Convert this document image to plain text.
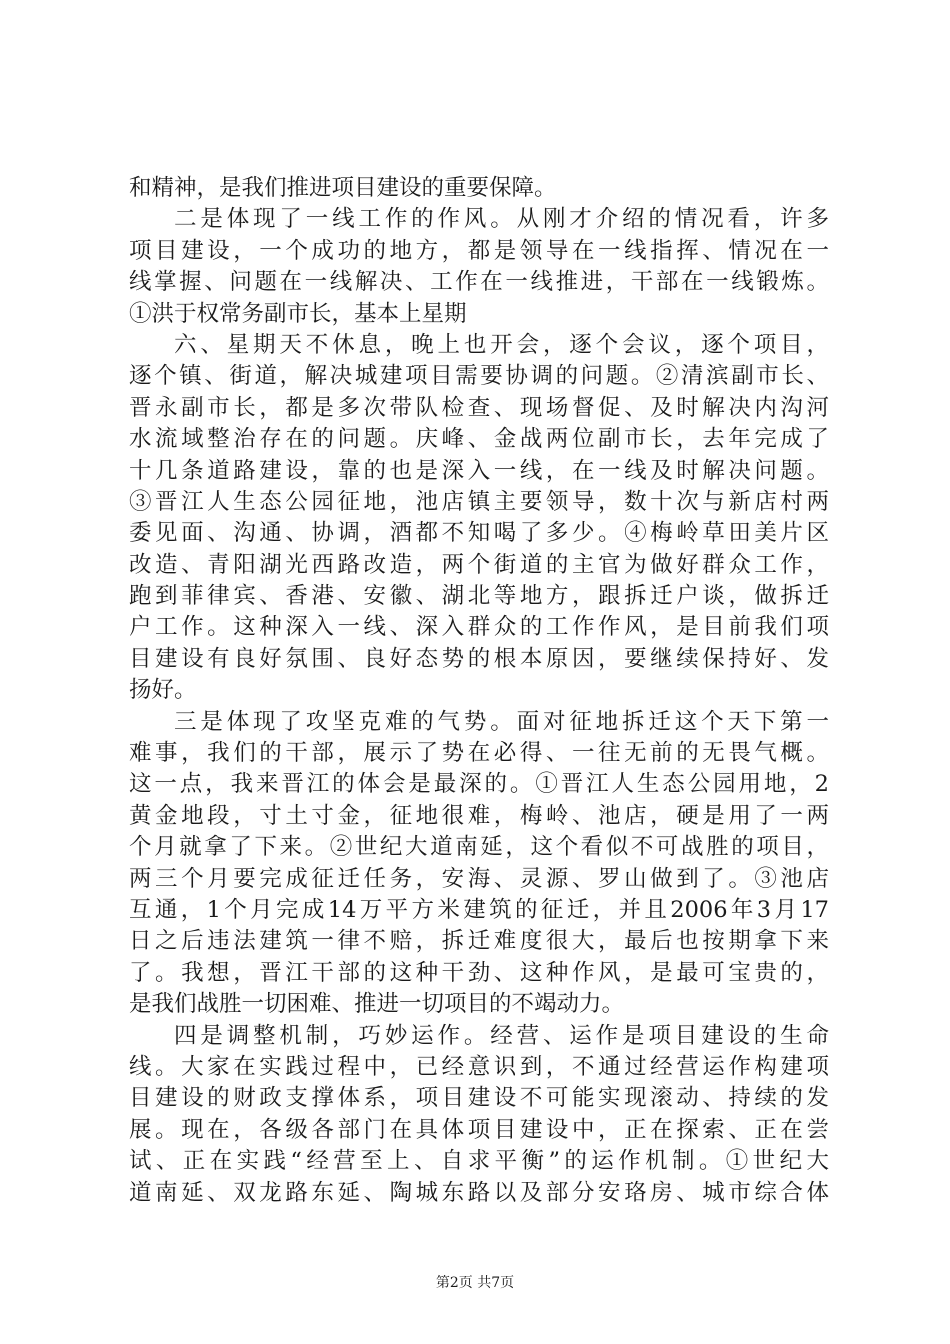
和精神，是我们推进项目建设的重要保障。
二是体现了一线工作的作风。从刚才介绍的情况看，许多
项目建设，一个成功的地方，都是领导在一线指挥、情况在一
线掌握、问题在一线解决、工作在一线推进，干部在一线锻炼。
①洪于权常务副市长，基本上星期
六、星期天不休息，晚上也开会，逐个会议，逐个项目，
逐个镇、街道，解决城建项目需要协调的问题。②清滨副市长、
晋永副市长，都是多次带队检查、现场督促、及时解决内沟河
水流域整治存在的问题。庆峰、金战两位副市长，去年完成了
十几条道路建设，靠的也是深入一线，在一线及时解决问题。
③晋江人生态公园征地，池店镇主要领导，数十次与新店村两
委见面、沟通、协调，酒都不知喝了多少。④梅岭草田美片区
改造、青阳湖光西路改造，两个街道的主官为做好群众工作，
跑到菲律宾、香港、安徽、湖北等地方，跟拆迁户谈，做拆迁
户工作。这种深入一线、深入群众的工作作风，是目前我们项
目建设有良好氛围、良好态势的根本原因，要继续保持好、发
扬好。
三是体现了攻坚克难的气势。面对征地拆迁这个天下第一
难事，我们的干部，展示了势在必得、一往无前的无畏气概。
这一点，我来晋江的体会是最深的。①晋江人生态公园用地，2
黄金地段，寸土寸金，征地很难，梅岭、池店，硬是用了一两
个月就拿了下来。②世纪大道南延，这个看似不可战胜的项目，
两三个月要完成征迁任务，安海、灵源、罗山做到了。③池店
互通，1个月完成14万平方米建筑的征迁，并且2006年3月17
日之后违法建筑一律不赔，拆迁难度很大，最后也按期拿下来
了。我想，晋江干部的这种干劲、这种作风，是最可宝贵的，
是我们战胜一切困难、推进一切项目的不竭动力。
四是调整机制，巧妙运作。经营、运作是项目建设的生命
线。大家在实践过程中，已经意识到，不通过经营运作构建项
目建设的财政支撑体系，项目建设不可能实现滚动、持续的发
展。现在，各级各部门在具体项目建设中，正在探索、正在尝
试、正在实践“经营至上、自求平衡”的运作机制。①世纪大
道南延、双龙路东延、陶城东路以及部分安珞房、城市综合体
第2页 共7页
